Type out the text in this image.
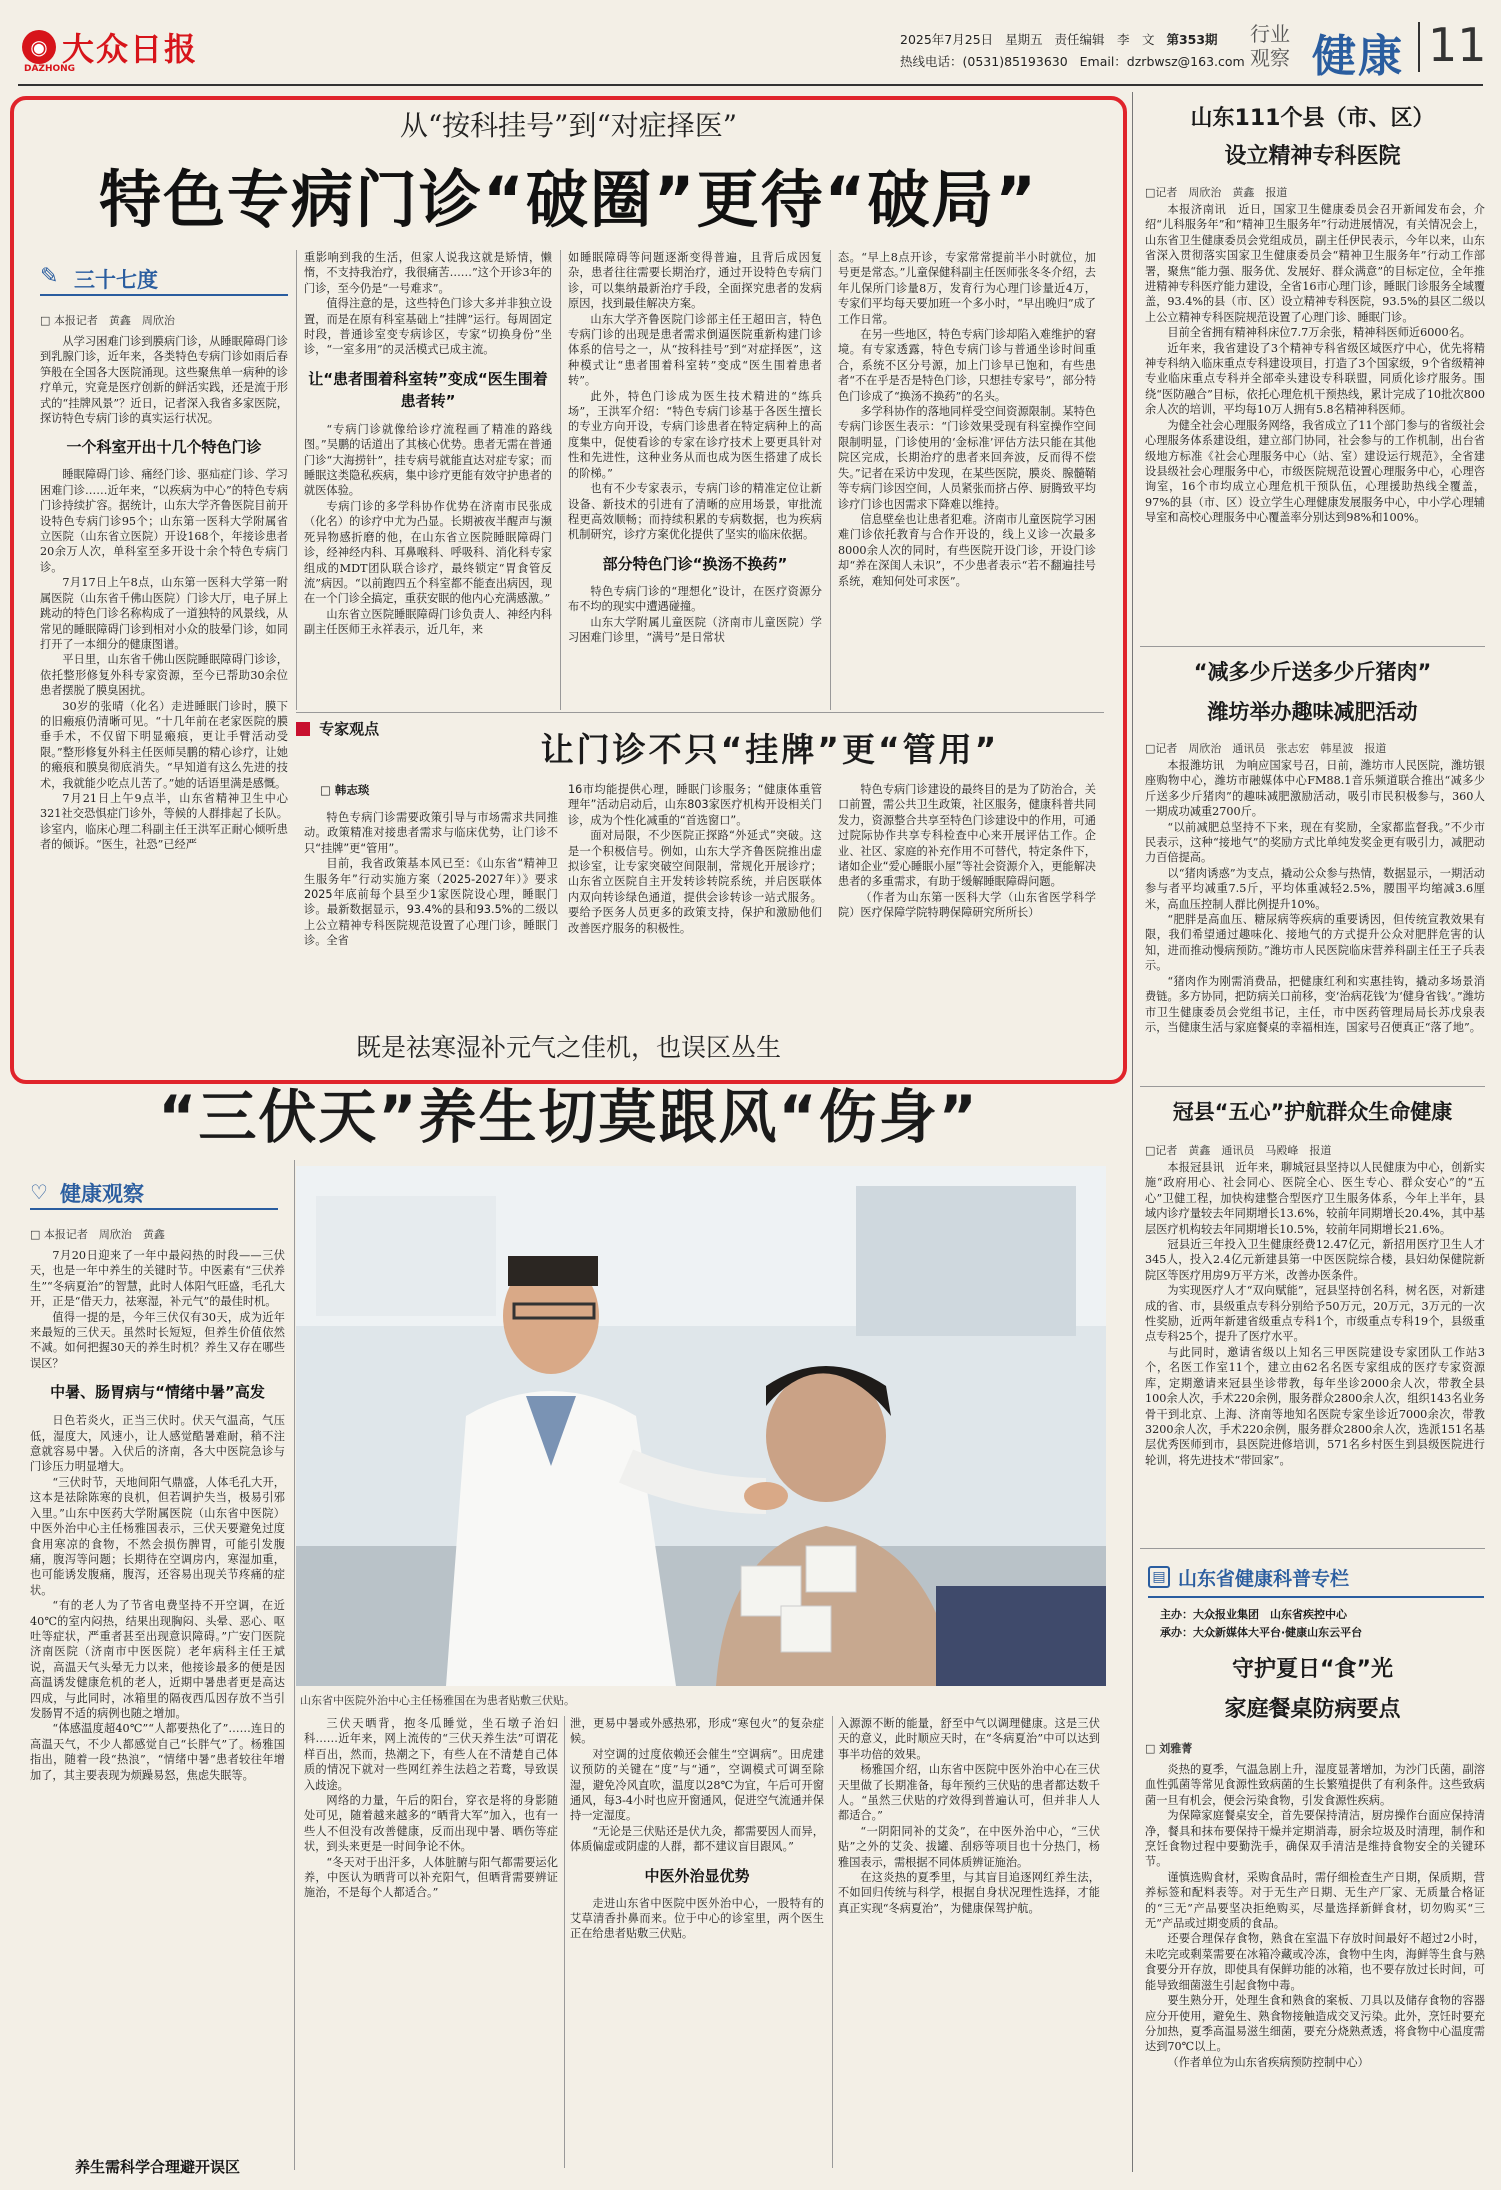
◉ 大众日报
DAZHONG
2025年7月25日 星期五 责任编辑　李　文 第353期
热线电话：(0531)85193630 Email：dzrbwsz@163.com
行业
观察 健康 11
从“按科挂号”到“对症择医”
特色专病门诊“破圈”更待“破局”
✎ 三十七度
□ 本报记者　黄鑫　周欣治

从学习困难门诊到膜病门诊，从睡眠障碍门诊到乳腺门诊，近年来，各类特色专病门诊如雨后春笋般在全国各大医院涌现。这些聚焦单一病种的诊疗单元，究竟是医疗创新的鲜活实践，还是流于形式的“挂牌风景”？近日，记者深入我省多家医院，探访特色专病门诊的真实运行状况。

一个科室开出十几个特色门诊

睡眠障碍门诊、痛经门诊、驱疝症门诊、学习困难门诊……近年来，“以疾病为中心”的特色专病门诊持续扩容。据统计，山东大学齐鲁医院目前开设特色专病门诊95个；山东第一医科大学附属省立医院（山东省立医院）开设168个，年接诊患者20余万人次，单科室至多开设十余个特色专病门诊。

7月17日上午8点，山东第一医科大学第一附属医院（山东省千佛山医院）门诊大厅，电子屏上跳动的特色门诊名称构成了一道独特的风景线，从常见的睡眠障碍门诊到相对小众的肢晕门诊，如同打开了一本细分的健康图谱。

平日里，山东省千佛山医院睡眠障碍门诊诊，依托整形修复外科专家资源，至今已帮助30余位患者摆脱了膜臭困扰。

30岁的张晴（化名）走进睡眠门诊时，膜下的旧瘢痕仍清晰可见。“十几年前在老家医院的膜垂手术，不仅留下明显瘢痕，更让手臂活动受限。”整形修复外科主任医师吴鹏的精心诊疗，让她的瘢痕和膜臭彻底消失。“早知道有这么先进的技术，我就能少吃点儿苦了。”她的话语里满是感慨。

7月21日上午9点半，山东省精神卫生中心321社交恐惧症门诊外，等候的人群排起了长队。诊室内，临床心理二科副主任王洪军正耐心倾听患者的倾诉。“医生，社恐”已经严

重影响到我的生活，但家人说我这就是矫情，懒惰，不支持我治疗，我很痛苦……”这个开诊3年的门诊，至今仍是“一号难求”。

值得注意的是，这些特色门诊大多并非独立设置，而是在原有科室基础上“挂牌”运行。每周固定时段，普通诊室变专病诊区，专家“切换身份”坐诊，“一室多用”的灵活模式已成主流。

让“患者围着科室转”变成“医生围着患者转”

“专病门诊就像给诊疗流程画了精准的路线图。”吴鹏的话道出了其核心优势。患者无需在普通门诊“大海捞针”，挂专病号就能直达对症专家；而睡眠这类隐私疾病，集中诊疗更能有效守护患者的就医体验。

专病门诊的多学科协作优势在济南市民张成（化名）的诊疗中尤为凸显。长期被夜半醒声与濒死异物感折磨的他，在山东省立医院睡眠障碍门诊，经神经内科、耳鼻喉科、呼吸科、消化科专家组成的MDT团队联合诊疗，最终锁定“胃食管反流”病因。“以前跑四五个科室都不能查出病因，现在一个门诊全搞定，重获安眠的他内心充满感激。”

山东省立医院睡眠障碍门诊负责人、神经内科副主任医师王永祥表示，近几年，来

如睡眠障碍等问题逐渐变得普遍，且背后成因复杂，患者往往需要长期治疗，通过开设特色专病门诊，可以集纳最新治疗手段，全面探究患者的发病原因，找到最佳解决方案。

山东大学齐鲁医院门诊部主任王超田言，特色专病门诊的出现是患者需求倒逼医院重新构建门诊体系的信号之一，从“按科挂号”到“对症择医”，这种模式让“患者围着科室转”变成“医生围着患者转”。

此外，特色门诊成为医生技术精进的“练兵场”，王洪军介绍：“特色专病门诊基于各医生擅长的专业方向开设，专病门诊患者在特定病种上的高度集中，促使看诊的专家在诊疗技术上要更具针对性和先进性，这种业务从而也成为医生搭建了成长的阶梯。”

也有不少专家表示，专病门诊的精准定位让新设备、新技术的引进有了清晰的应用场景，审批流程更高效顺畅；而持续积累的专病数据，也为疾病机制研究，诊疗方案优化提供了坚实的临床依据。

部分特色门诊“换汤不换药”

特色专病门诊的“理想化”设计，在医疗资源分布不均的现实中遭遇碰撞。

山东大学附属儿童医院（济南市儿童医院）学习困难门诊里，“满号”是日常状

态。“早上8点开诊，专家常常提前半小时就位，加号更是常态。”儿童保健科副主任医师张冬冬介绍，去年儿保所门诊量8万，发育行为心理门诊量近4万，专家们平均每天要加班一个多小时，“早出晚归”成了工作日常。

在另一些地区，特色专病门诊却陷入难维护的窘境。有专家透露，特色专病门诊与普通坐诊时间重合，系统不区分号源，加上门诊早已饱和，有些患者“不在乎是否是特色门诊，只想挂专家号”，部分特色门诊成了“换汤不换药”的名头。

多学科协作的落地同样受空间资源限制。某特色专病门诊医生表示：“门诊效果受现有科室操作空间限制明显，门诊使用的‘金标准’评估方法只能在其他院区完成，长期治疗的患者来回奔波，反而得不偿失。”记者在采访中发现，在某些医院，膜炎、腺髓鞘等专病门诊因空间，人员紧张而挤占停、厨腾致平均诊疗门诊也因需求下降难以维持。

信息壁垒也让患者犯难。济南市儿童医院学习困难门诊依托教育与合作开设的，线上义诊一次最多8000余人次的同时，有些医院开设门诊，开设门诊却“养在深闺人未识”，不少患者表示“若不翻遍挂号系统，难知何处可求医”。

专家观点
让门诊不只“挂牌”更“管用”
□ 韩志琰

特色专病门诊需要政策引导与市场需求共同推动。政策精准对接患者需求与临床优势，让门诊不只“挂牌”更“管用”。

目前，我省政策基本风已至：《山东省“精神卫生服务年”行动实施方案（2025-2027年）》要求2025年底前每个县至少1家医院设心理，睡眠门诊。最新数据显示，93.4%的县和93.5%的二级以上公立精神专科医院规范设置了心理门诊，睡眠门诊。全省

16市均能提供心理，睡眠门诊服务；“健康体重管理年”活动启动后，山东803家医疗机构开设相关门诊，成为个性化减重的“首选窗口”。

面对局限，不少医院正探路“外延式”突破。这是一个积极信号。例如，山东大学齐鲁医院推出虚拟诊室，让专家突破空间限制，常规化开展诊疗；山东省立医院自主开发转诊转院系统，并启医联体内双向转诊绿色通道，提供会诊转诊一站式服务。要给予医务人员更多的政策支持，保护和激励他们改善医疗服务的积极性。

特色专病门诊建设的最终目的是为了防治合，关口前置，需公共卫生政策，社区服务，健康科普共同发力，资源整合共享至特色门诊建设中的作用，可通过院际协作共享专科检查中心来开展评估工作。企业、社区、家庭的补充作用不可替代，特定条件下，诸如企业“爱心睡眠小屋”等社会资源介入，更能解决患者的多重需求，有助于缓解睡眠障碍问题。

（作者为山东第一医科大学（山东省医学科学院）医疗保障学院特聘保障研究所所长）

既是祛寒湿补元气之佳机，也误区丛生
“三伏天”养生切莫跟风“伤身”
♡ 健康观察
□ 本报记者　周欣治　黄鑫

7月20日迎来了一年中最闷热的时段——三伏天，也是一年中养生的关键时节。中医素有“三伏养生”“冬病夏治”的智慧，此时人体阳气旺盛，毛孔大开，正是“借天力，祛寒湿，补元气”的最佳时机。

值得一提的是，今年三伏仅有30天，成为近年来最短的三伏天。虽然时长短短，但养生价值依然不减。如何把握30天的养生时机？养生又存在哪些误区？

中暑、肠胃病与“情绪中暑”高发

日色若炎火，正当三伏时。伏天气温高，气压低，湿度大，风速小，让人感觉酷暑难耐，稍不注意就容易中暑。入伏后的济南，各大中医院急诊与门诊压力明显增大。

“三伏时节，天地间阳气鼎盛，人体毛孔大开，这本是祛除陈寒的良机，但若调护失当，极易引邪入里。”山东中医药大学附属医院（山东省中医院）中医外治中心主任杨雅国表示，三伏天要避免过度食用寒凉的食物，不然会损伤脾胃，可能引发腹痛，腹泻等问题；长期待在空调房内，寒湿加重，也可能诱发腹痛，腹泻，还容易出现关节疼痛的症状。

“有的老人为了节省电费坚持不开空调，在近40℃的室内闷热，结果出现胸闷、头晕、恶心、呕吐等症状，严重者甚至出现意识障碍。”广安门医院济南医院（济南市中医医院）老年病科主任王斌说，高温天气头晕无力以来，他接诊最多的便是因高温诱发健康危机的老人，近期中暑患者更是高达四成，与此同时，冰箱里的隔夜西瓜因存放不当引发肠胃不适的病例也随之增加。

“体感温度超40℃”“人都要热化了”……连日的高温天气，不少人都感觉自己“长胖气”了。杨雅国指出，随着一段“热浪”，“情绪中暑”患者较往年增加了，其主要表现为烦躁易怒，焦虑失眠等。

养生需科学合理避开误区
山东省中医院外治中心主任杨雅国在为患者贴敷三伏贴。

三伏天晒背，抱冬瓜睡觉，坐石墩子治妇科……近年来，网上流传的“三伏天养生法”可谓花样百出，然而，热潮之下，有些人在不清楚自己体质的情况下就对一些网红养生法趋之若鹜，导致误入歧途。

网络的力量，午后的阳台，穿衣是将的身影随处可见，随着越来越多的“晒背大军”加入，也有一些人不但没有改善健康，反而出现中暑、晒伤等症状，到头来更是一时间争论不休。

“冬天对于出汗多，人体脏腑与阳气都需要运化养，中医认为晒背可以补充阳气，但晒背需要辨证施治，不是每个人都适合。”

泄，更易中暑或外感热邪，形成“寒包火”的复杂症候。

对空调的过度依赖还会催生“空调病”。田虎建议预防的关键在“度”与“通”，空调模式可调至除湿，避免冷风直吹，温度以28℃为宜，午后可开窗通风，每3-4小时也应开窗通风，促进空气流通并保持一定湿度。

“无论是三伏贴还是伏九灸，都需要因人而异，体质偏虚或阴虚的人群，都不建议盲目跟风。”

中医外治显优势

走进山东省中医院中医外治中心，一股特有的艾草清香扑鼻而来。位于中心的诊室里，两个医生正在给患者贴敷三伏贴。

入源源不断的能量，舒至中气以调理健康。这是三伏天的意义，此时顺应天时，在“冬病夏治”中可以达到事半功倍的效果。

杨雅国介绍，山东省中医院中医外治中心在三伏天里做了长期准备，每年预约三伏贴的患者都达数千人。“虽然三伏贴的疗效得到普遍认可，但并非人人都适合。”

“一阴阳同补的艾灸”，在中医外治中心，“三伏贴”之外的艾灸、拔罐、刮痧等项目也十分热门，杨雅国表示，需根据不同体质辨证施治。

在这炎热的夏季里，与其盲目追逐网红养生法，不如回归传统与科学，根据自身状况理性选择，才能真正实现“冬病夏治”，为健康保驾护航。

山东111个县（市、区）
设立精神专科医院
□记者　周欣治　黄鑫　报道

本报济南讯　近日，国家卫生健康委员会召开新闻发布会，介绍“儿科服务年”和“精神卫生服务年”行动进展情况，有关情况会上，山东省卫生健康委员会党组成员，副主任伊民表示，今年以来，山东省深入贯彻落实国家卫生健康委员会“精神卫生服务年”行动工作部署，聚焦“能力强、服务优、发展好、群众满意”的目标定位，全年推进精神专科医疗能力建设，全省16市心理门诊，睡眠门诊服务全域覆盖，93.4%的县（市、区）设立精神专科医院，93.5%的县区二级以上公立精神专科医院规范设置了心理门诊、睡眠门诊。

目前全省拥有精神科床位7.7万余张，精神科医师近6000名。

近年来，我省建设了3个精神专科省级区域医疗中心，优先将精神专科纳入临床重点专科建设项目，打造了3个国家级，9个省级精神专业临床重点专科并全部牵头建设专科联盟，同质化诊疗服务。围绕“医防融合”目标，依托心理危机干预热线，累计完成了10批次800余人次的培训，平均每10万人拥有5.8名精神科医师。

为健全社会心理服务网络，我省成立了11个部门参与的省级社会心理服务体系建设组，建立部门协同，社会参与的工作机制，出台省级地方标准《社会心理服务中心（站、室）建设运行规范》，全省建设县级社会心理服务中心，市级医院规范设置心理服务中心，心理咨询室，16个市均成立心理危机干预队伍，心理援助热线全覆盖，97%的县（市、区）设立学生心理健康发展服务中心，中小学心理辅导室和高校心理服务中心覆盖率分别达到98%和100%。

“减多少斤送多少斤猪肉”
潍坊举办趣味减肥活动
□记者　周欣治　通讯员　张志宏　韩星波　报道

本报潍坊讯　为响应国家号召，日前，潍坊市人民医院，潍坊银座购物中心，潍坊市融媒体中心FM88.1音乐频道联合推出“减多少斤送多少斤猪肉”的趣味减肥激励活动，吸引市民积极参与，360人一期成功减重2700斤。

“以前减肥总坚持不下来，现在有奖励，全家都监督我。”不少市民表示，这种“接地气”的奖励方式比单纯发奖金更有吸引力，减肥动力百倍提高。

以“猪肉诱惑”为支点，撬动公众参与热情，数据显示，一期活动参与者平均减重7.5斤，平均体重减轻2.5%，腰围平均缩减3.6厘米，高血压控制人群比例提升10%。

“肥胖是高血压、糖尿病等疾病的重要诱因，但传统宣教效果有限，我们希望通过趣味化、接地气的方式提升公众对肥胖危害的认知，进而推动慢病预防。”潍坊市人民医院临床营养科副主任王子兵表示。

“猪肉作为刚需消费品，把健康红利和实惠挂钩，撬动多场景消费链。多方协同，把防病关口前移，变‘治病花钱’为‘健身省钱’。”潍坊市卫生健康委员会党组书记，主任，市中医药管理局局长苏戊泉表示，当健康生活与家庭餐桌的幸福相连，国家号召便真正“落了地”。

冠县“五心”护航群众生命健康
□记者　黄鑫　通讯员　马殿峰　报道

本报冠县讯　近年来，聊城冠县坚持以人民健康为中心，创新实施“政府用心、社会同心、医院全心、医生专心、群众安心”的“五心”卫健工程，加快构建整合型医疗卫生服务体系，今年上半年，县域内诊疗量较去年同期增长13.6%，较前年同期增长20.4%，其中基层医疗机构较去年同期增长10.5%，较前年同期增长21.6%。

冠县近三年投入卫生健康经费12.47亿元，新招用医疗卫生人才345人，投入2.4亿元新建县第一中医医院综合楼，县妇幼保健院新院区等医疗用房9万平方米，改善办医条件。

为实现医疗人才“双向赋能”，冠县坚持创名科，树名医，对新建成的省、市，县级重点专科分别给予50万元，20万元，3万元的一次性奖励，近两年新建省级重点专科1个，市级重点专科19个，县级重点专科25个，提升了医疗水平。

与此同时，邀请省级以上知名三甲医院建设专家团队工作站3个，名医工作室11个，建立由62名名医专家组成的医疗专家资源库，定期邀请来冠县坐诊带教，每年坐诊2000余人次，带教全县100余人次，手术220余例，服务群众2800余人次，组织143名业务骨干到北京、上海、济南等地知名医院专家坐诊近7000余次，带教3200余人次，手术220余例，服务群众2800余人次，选派151名基层优秀医师到市，县医院进修培训，571名乡村医生到县级医院进行轮训，将先进技术“带回家”。

▤ 山东省健康科普专栏
主办：大众报业集团　山东省疾控中心
承办：大众新媒体大平台·健康山东云平台
守护夏日“食”光
家庭餐桌防病要点
□ 刘雅菁

炎热的夏季，气温急剧上升，湿度显著增加，为沙门氏菌，副溶血性弧菌等常见食源性致病菌的生长繁殖提供了有利条件。这些致病菌一旦有机会，便会污染食物，引发食源性疾病。

为保障家庭餐桌安全，首先要保持清洁，厨房操作台面应保持清净，餐具和抹布要保持干燥并定期消毒，厨余垃圾及时清理，制作和烹饪食物过程中要勤洗手，确保双手清洁是维持食物安全的关键环节。

谨慎选购食材，采购食品时，需仔细检查生产日期，保质期，营养标签和配料表等。对于无生产日期、无生产厂家、无质量合格证的“三无”产品要坚决拒绝购买，尽量选择新鲜食材，切勿购买“三无”产品或过期变质的食品。

还要合理保存食物，熟食在室温下存放时间最好不超过2小时，未吃完或剩菜需要在冰箱冷藏或冷冻，食物中生肉，海鲜等生食与熟食要分开存放，即使具有保鲜功能的冰箱，也不要存放过长时间，可能导致细菌滋生引起食物中毒。

要生熟分开，处理生食和熟食的案板、刀具以及储存食物的容器应分开使用，避免生、熟食物接触造成交叉污染。此外，烹饪时要充分加热，夏季高温易滋生细菌，要充分烧熟煮透，将食物中心温度需达到70℃以上。

（作者单位为山东省疾病预防控制中心）
